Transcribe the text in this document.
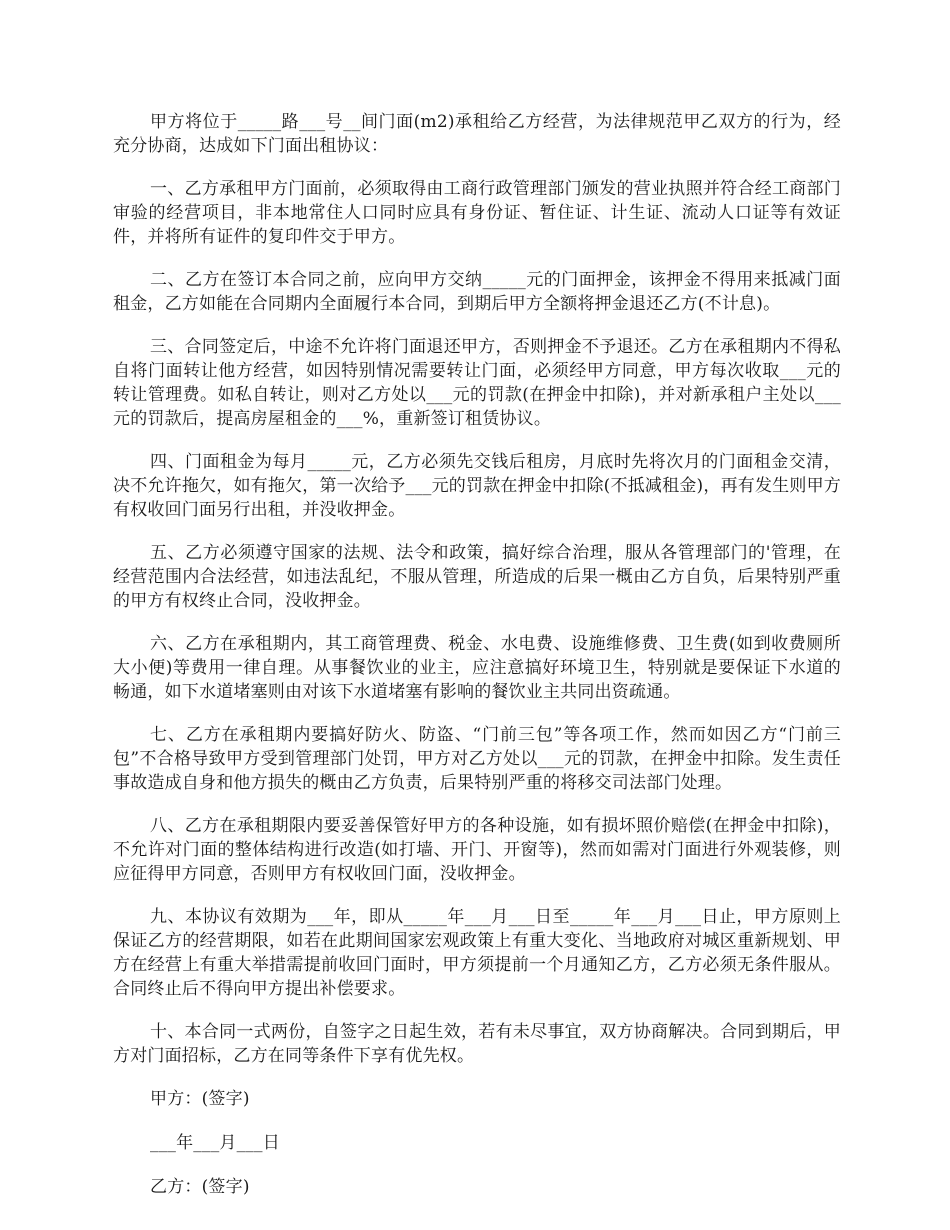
甲方将位于_____路___号__间门面(m2)承租给乙方经营，为法律规范甲乙双方的行为，经充分协商，达成如下门面出租协议：

一、乙方承租甲方门面前，必须取得由工商行政管理部门颁发的营业执照并符合经工商部门审验的经营项目，非本地常住人口同时应具有身份证、暂住证、计生证、流动人口证等有效证件，并将所有证件的复印件交于甲方。

二、乙方在签订本合同之前，应向甲方交纳_____元的门面押金，该押金不得用来抵减门面租金，乙方如能在合同期内全面履行本合同，到期后甲方全额将押金退还乙方(不计息)。

三、合同签定后，中途不允许将门面退还甲方，否则押金不予退还。乙方在承租期内不得私自将门面转让他方经营，如因特别情况需要转让门面，必须经甲方同意，甲方每次收取___元的转让管理费。如私自转让，则对乙方处以___元的罚款(在押金中扣除)，并对新承租户主处以___元的罚款后，提高房屋租金的___%，重新签订租赁协议。

四、门面租金为每月_____元，乙方必须先交钱后租房，月底时先将次月的门面租金交清，决不允许拖欠，如有拖欠，第一次给予___元的罚款在押金中扣除(不抵减租金)，再有发生则甲方有权收回门面另行出租，并没收押金。

五、乙方必须遵守国家的法规、法令和政策，搞好综合治理，服从各管理部门的'管理，在经营范围内合法经营，如违法乱纪，不服从管理，所造成的后果一概由乙方自负，后果特别严重的甲方有权终止合同，没收押金。

六、乙方在承租期内，其工商管理费、税金、水电费、设施维修费、卫生费(如到收费厕所大小便)等费用一律自理。从事餐饮业的业主，应注意搞好环境卫生，特别就是要保证下水道的畅通，如下水道堵塞则由对该下水道堵塞有影响的餐饮业主共同出资疏通。

七、乙方在承租期内要搞好防火、防盗、“门前三包”等各项工作，然而如因乙方“门前三包”不合格导致甲方受到管理部门处罚，甲方对乙方处以___元的罚款，在押金中扣除。发生责任事故造成自身和他方损失的概由乙方负责，后果特别严重的将移交司法部门处理。

八、乙方在承租期限内要妥善保管好甲方的各种设施，如有损坏照价赔偿(在押金中扣除)，不允许对门面的整体结构进行改造(如打墙、开门、开窗等)，然而如需对门面进行外观装修，则应征得甲方同意，否则甲方有权收回门面，没收押金。

九、本协议有效期为___年，即从_____年___月___日至_____年___月___日止，甲方原则上保证乙方的经营期限，如若在此期间国家宏观政策上有重大变化、当地政府对城区重新规划、甲方在经营上有重大举措需提前收回门面时，甲方须提前一个月通知乙方，乙方必须无条件服从。合同终止后不得向甲方提出补偿要求。

十、本合同一式两份，自签字之日起生效，若有未尽事宜，双方协商解决。合同到期后，甲方对门面招标，乙方在同等条件下享有优先权。

甲方：(签字)

___年___月___日

乙方：(签字)
